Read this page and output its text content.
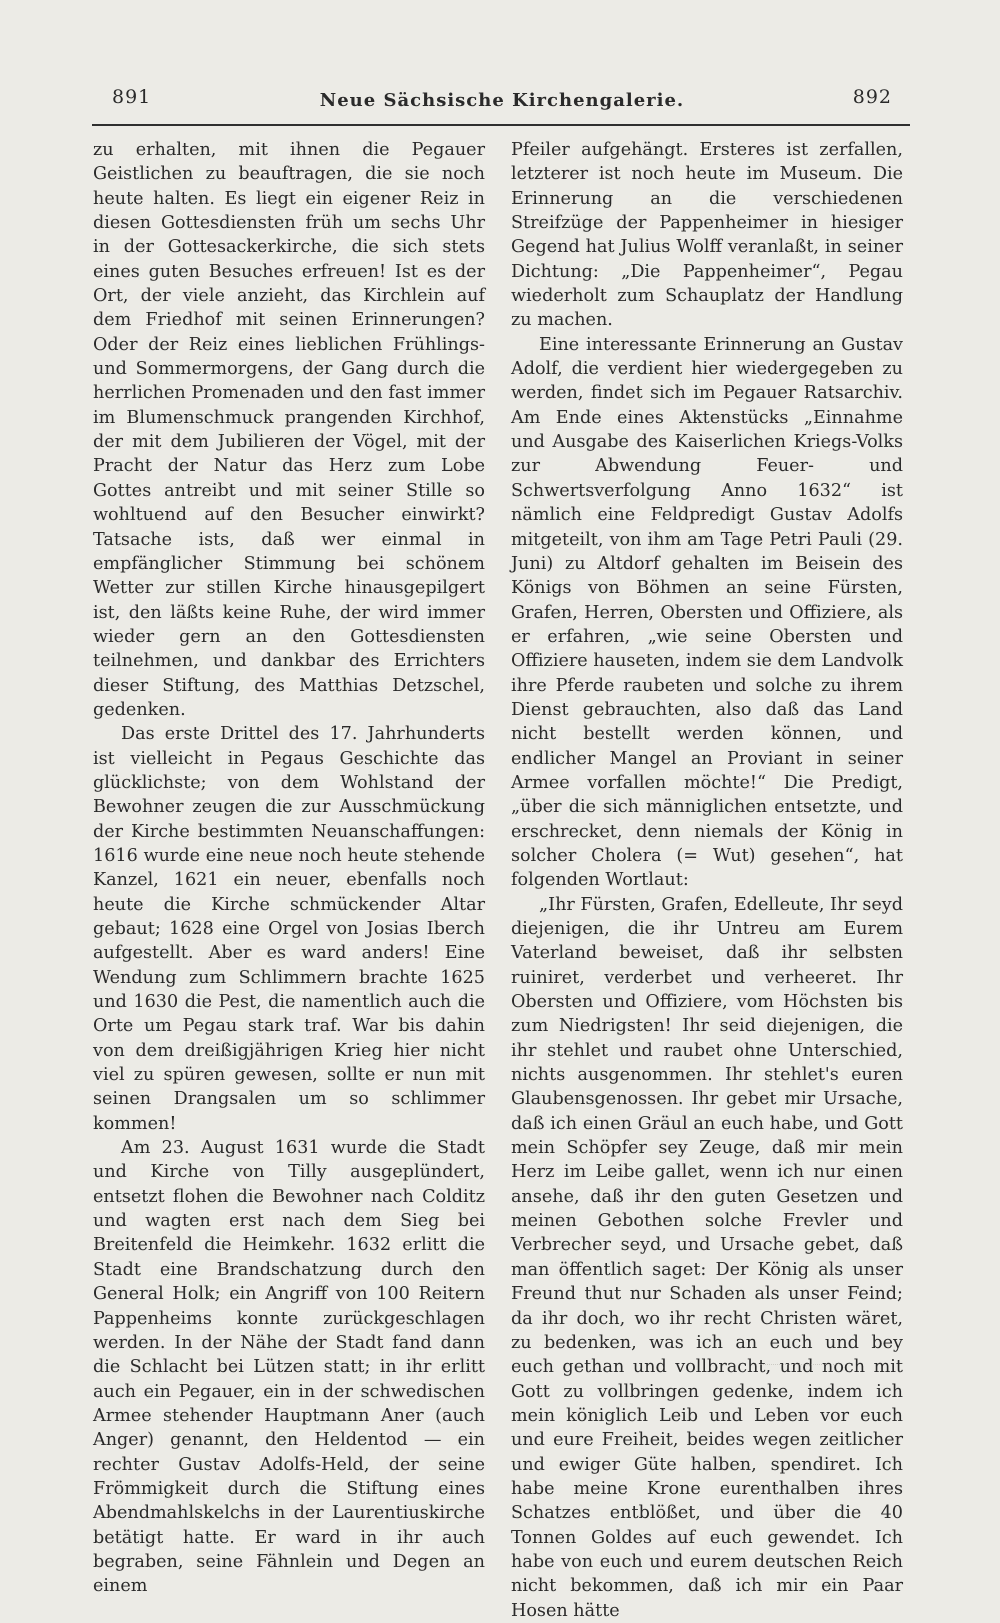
891	Neue Sächsische Kirchengalerie.	892

zu erhalten, mit ihnen die Pegauer Geistlichen zu beauftragen, die sie noch heute halten. Es liegt ein eigener Reiz in diesen Gottesdiensten früh um sechs Uhr in der Gottesackerkirche, die sich stets eines guten Besuches erfreuen! Ist es der Ort, der viele anzieht, das Kirchlein auf dem Friedhof mit seinen Erinnerungen? Oder der Reiz eines lieblichen Frühlings- und Sommermorgens, der Gang durch die herrlichen Promenaden und den fast immer im Blumenschmuck prangenden Kirchhof, der mit dem Jubilieren der Vögel, mit der Pracht der Natur das Herz zum Lobe Gottes antreibt und mit seiner Stille so wohltuend auf den Besucher einwirkt? Tatsache ists, daß wer einmal in empfänglicher Stimmung bei schönem Wetter zur stillen Kirche hinausgepilgert ist, den läßts keine Ruhe, der wird immer wieder gern an den Gottesdiensten teilnehmen, und dankbar des Errichters dieser Stiftung, des Matthias Detzschel, gedenken.

Das erste Drittel des 17. Jahrhunderts ist vielleicht in Pegaus Geschichte das glücklichste; von dem Wohlstand der Bewohner zeugen die zur Ausschmückung der Kirche bestimmten Neuanschaffungen: 1616 wurde eine neue noch heute stehende Kanzel, 1621 ein neuer, ebenfalls noch heute die Kirche schmückender Altar gebaut; 1628 eine Orgel von Josias Iberch aufgestellt. Aber es ward anders! Eine Wendung zum Schlimmern brachte 1625 und 1630 die Pest, die namentlich auch die Orte um Pegau stark traf. War bis dahin von dem dreißigjährigen Krieg hier nicht viel zu spüren gewesen, sollte er nun mit seinen Drangsalen um so schlimmer kommen!

Am 23. August 1631 wurde die Stadt und Kirche von Tilly ausgeplündert, entsetzt flohen die Bewohner nach Colditz und wagten erst nach dem Sieg bei Breitenfeld die Heimkehr. 1632 erlitt die Stadt eine Brandschatzung durch den General Holk; ein Angriff von 100 Reitern Pappenheims konnte zurückgeschlagen werden. In der Nähe der Stadt fand dann die Schlacht bei Lützen statt; in ihr erlitt auch ein Pegauer, ein in der schwedischen Armee stehender Hauptmann Aner (auch Anger) genannt, den Heldentod — ein rechter Gustav Adolfs-Held, der seine Frömmigkeit durch die Stiftung eines Abendmahlskelchs in der Laurentiuskirche betätigt hatte. Er ward in ihr auch begraben, seine Fähnlein und Degen an einem

Pfeiler aufgehängt. Ersteres ist zerfallen, letzterer ist noch heute im Museum. Die Erinnerung an die verschiedenen Streifzüge der Pappenheimer in hiesiger Gegend hat Julius Wolff veranlaßt, in seiner Dichtung: „Die Pappenheimer“, Pegau wiederholt zum Schauplatz der Handlung zu machen.

Eine interessante Erinnerung an Gustav Adolf, die verdient hier wiedergegeben zu werden, findet sich im Pegauer Ratsarchiv. Am Ende eines Aktenstücks „Einnahme und Ausgabe des Kaiserlichen Kriegs-Volks zur Abwendung Feuer- und Schwertsverfolgung Anno 1632“ ist nämlich eine Feldpredigt Gustav Adolfs mitgeteilt, von ihm am Tage Petri Pauli (29. Juni) zu Altdorf gehalten im Beisein des Königs von Böhmen an seine Fürsten, Grafen, Herren, Obersten und Offiziere, als er erfahren, „wie seine Obersten und Offiziere hauseten, indem sie dem Landvolk ihre Pferde raubeten und solche zu ihrem Dienst gebrauchten, also daß das Land nicht bestellt werden können, und endlicher Mangel an Proviant in seiner Armee vorfallen möchte!“ Die Predigt, „über die sich männiglichen entsetzte, und erschrecket, denn niemals der König in solcher Cholera (= Wut) gesehen“, hat folgenden Wortlaut:

„Ihr Fürsten, Grafen, Edelleute, Ihr seyd diejenigen, die ihr Untreu am Eurem Vaterland beweiset, daß ihr selbsten ruiniret, verderbet und verheeret. Ihr Obersten und Offiziere, vom Höchsten bis zum Niedrigsten! Ihr seid diejenigen, die ihr stehlet und raubet ohne Unterschied, nichts ausgenommen. Ihr stehlet's euren Glaubensgenossen. Ihr gebet mir Ursache, daß ich einen Gräul an euch habe, und Gott mein Schöpfer sey Zeuge, daß mir mein Herz im Leibe gallet, wenn ich nur einen ansehe, daß ihr den guten Gesetzen und meinen Gebothen solche Frevler und Verbrecher seyd, und Ursache gebet, daß man öffentlich saget: Der König als unser Freund thut nur Schaden als unser Feind; da ihr doch, wo ihr recht Christen wäret, zu bedenken, was ich an euch und bey euch gethan und vollbracht, und noch mit Gott zu vollbringen gedenke, indem ich mein königlich Leib und Leben vor euch und eure Freiheit, beides wegen zeitlicher und ewiger Güte halben, spendiret. Ich habe meine Krone eurenthalben ihres Schatzes entblößet, und über die 40 Tonnen Goldes auf euch gewendet. Ich habe von euch und eurem deutschen Reich nicht bekommen, daß ich mir ein Paar Hosen hätte
